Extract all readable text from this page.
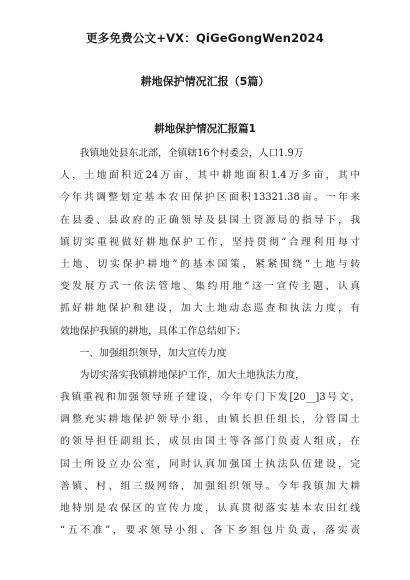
更多免费公文+VX：QiGeGongWen2024
耕地保护情况汇报（5篇）
耕地保护情况汇报篇1
　　我镇地处县东北部，全镇辖16个村委会，人口1.9万
人，土地面积近24万亩，其中耕地面积1.4万多亩，其中
今年共调整划定基本农田保护区面积13321.38亩。一年来
在县委、县政府的正确领导及县国土资源局的指导下，我
镇切实重视做好耕地保护工作，坚持贯彻“合理利用每寸
土地、切实保护耕地”的基本国策，紧紧围绕“土地与转
变发展方式一依法管地、集约用地”这一宣传主题，认真
抓好耕地保护和建设，加大土地动态巡查和执法力度，有
效地保护我镇的耕地，具体工作总结如下：
　　一、加强组织领导，加大宣传力度
　　为切实落实我镇耕地保护工作，加大土地执法力度，
我镇重视和加强领导班子建设，今年专门下发[20__]3号文，
调整充实耕地保护领导小组，由镇长担任组长，分管国土
的领导担任副组长，成员由国土等各部门负责人组成，在
国土所设立办公室，同时认真加强国土执法队伍建设，完
善镇、村、组三级网络，加强组织领导。今年我镇加大耕
地特别是农保区的宣传力度，认真贯彻落实基本农田红线
“五不准”，要求领导小组、各下乡组包片负责，落实责
